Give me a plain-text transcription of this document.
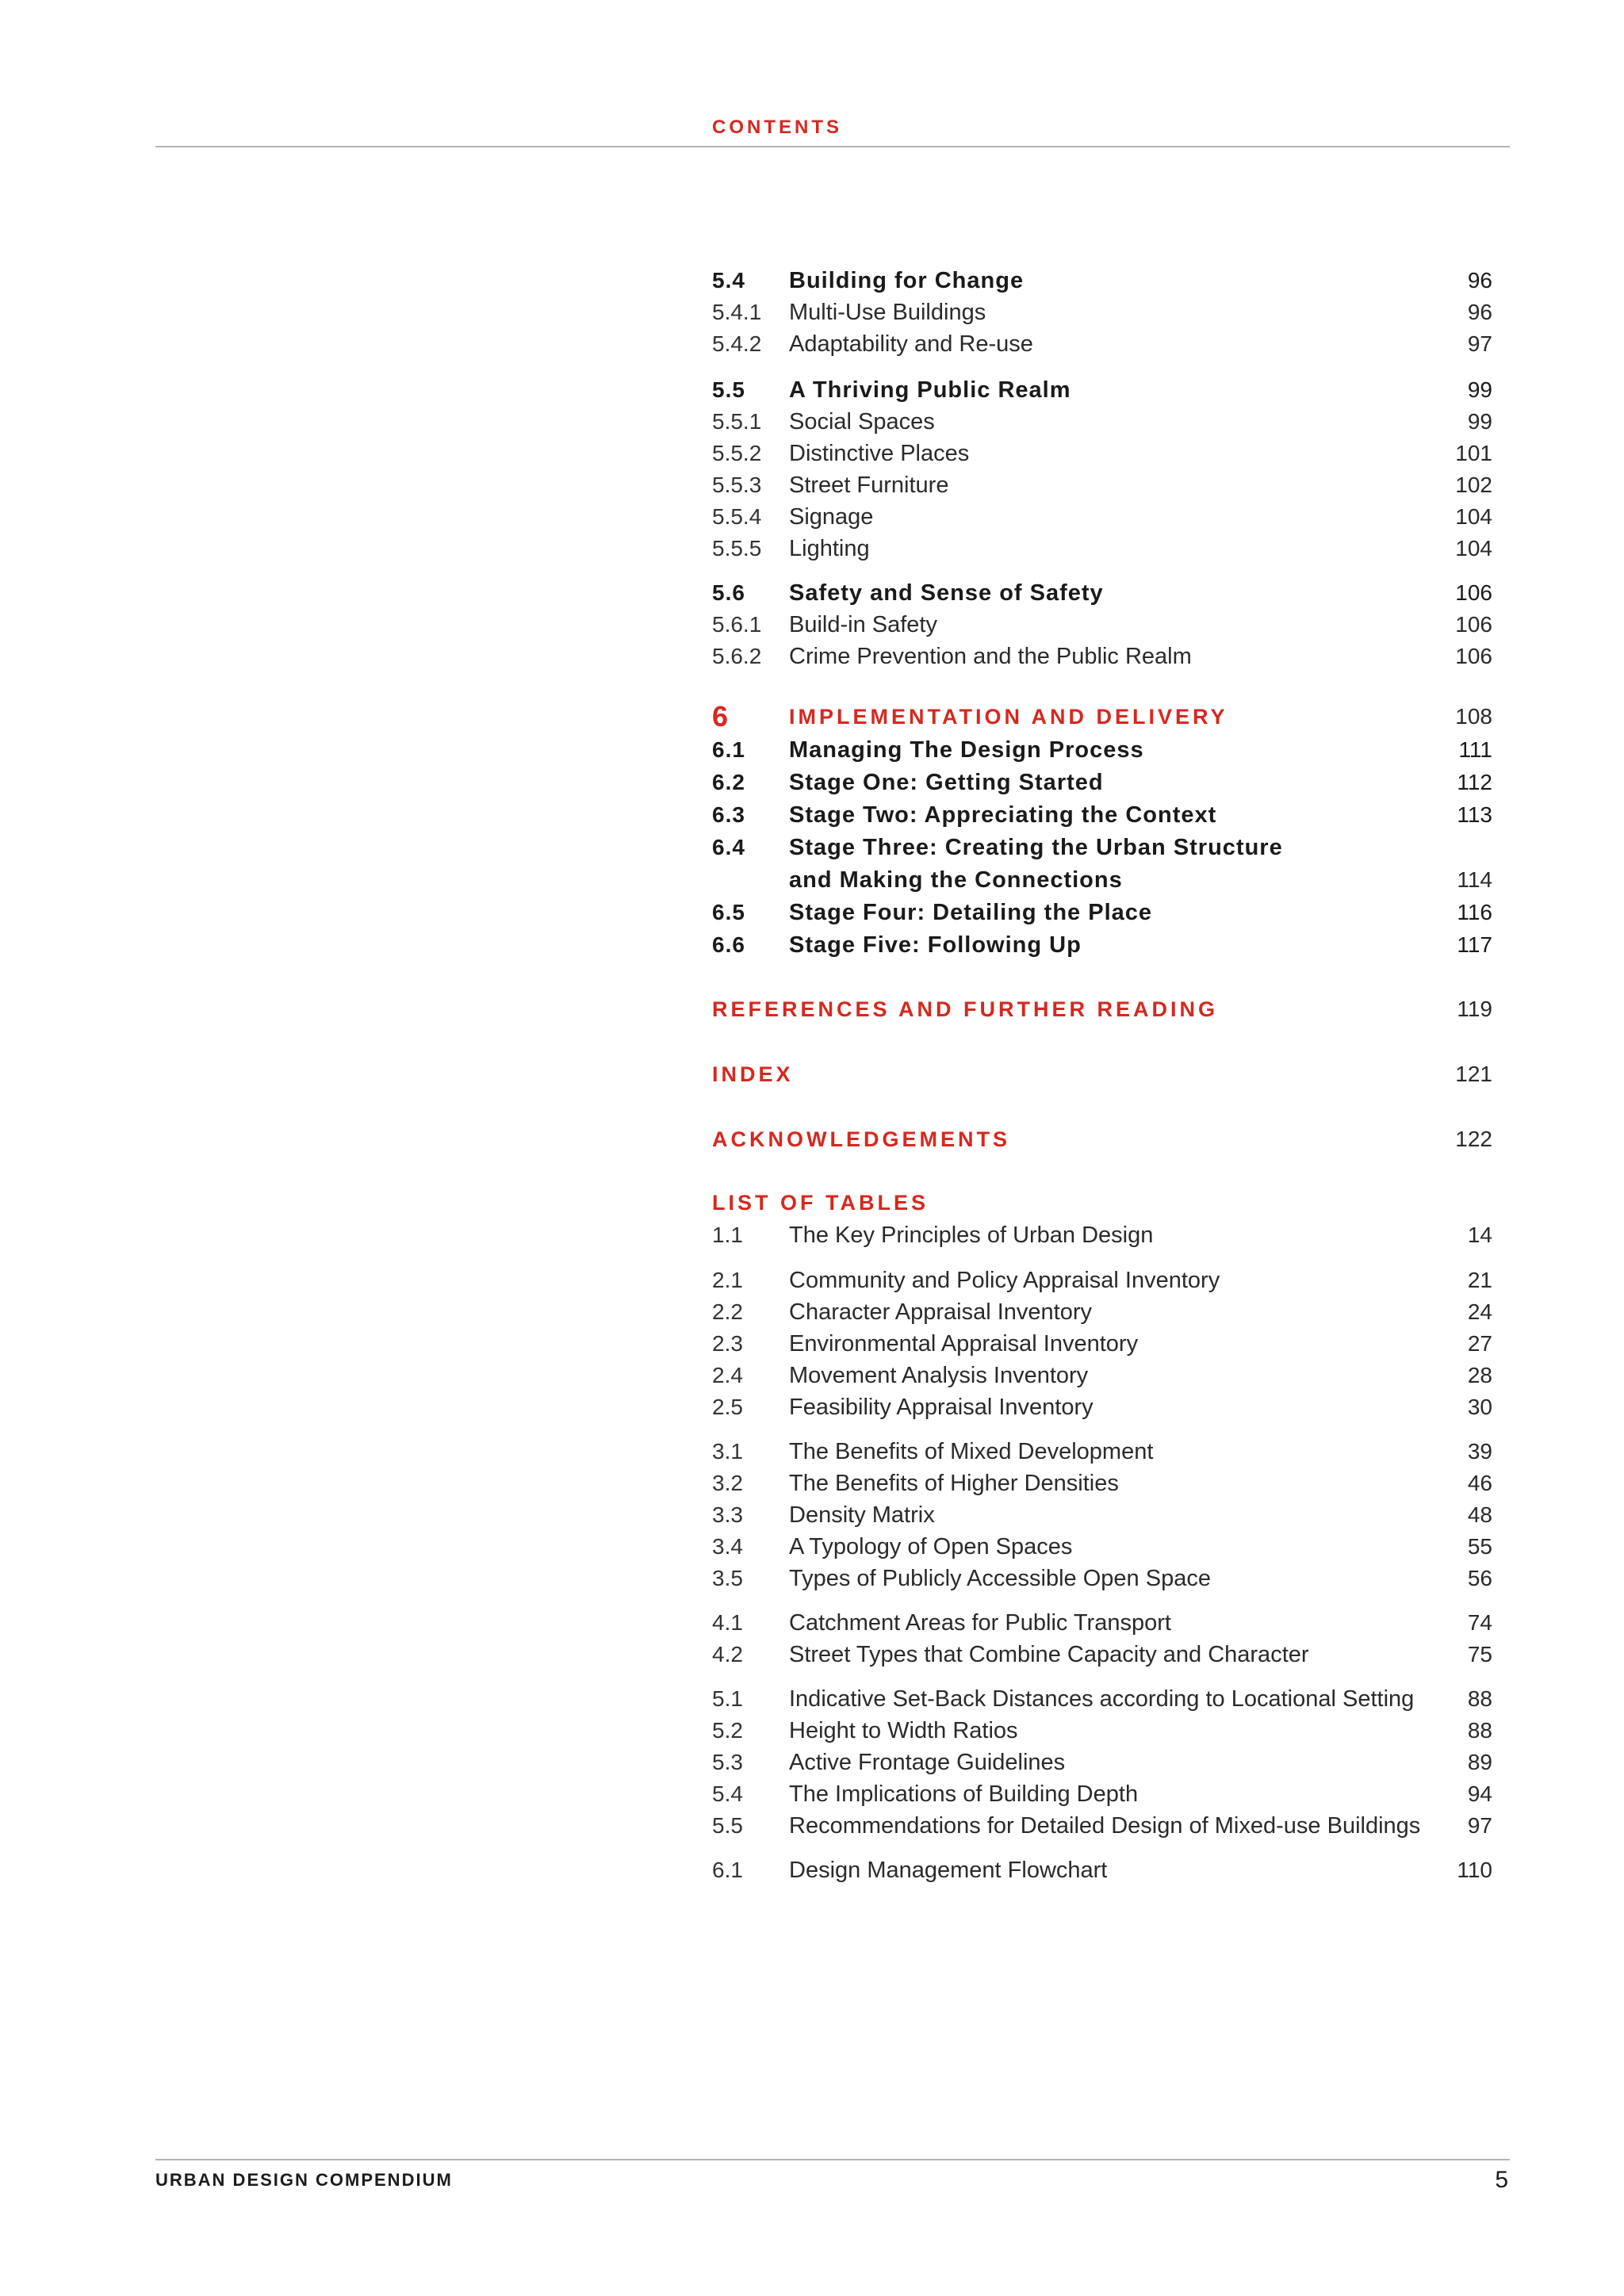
CONTENTS
5.4 Building for Change	96
5.4.1 Multi-Use Buildings	96
5.4.2 Adaptability and Re-use	97
5.5 A Thriving Public Realm	99
5.5.1 Social Spaces	99
5.5.2 Distinctive Places	101
5.5.3 Street Furniture	102
5.5.4 Signage	104
5.5.5 Lighting	104
5.6 Safety and Sense of Safety	106
5.6.1 Build-in Safety	106
5.6.2 Crime Prevention and the Public Realm	106
6	IMPLEMENTATION AND DELIVERY	108
6.1 Managing The Design Process	111
6.2 Stage One: Getting Started	112
6.3 Stage Two: Appreciating the Context	113
6.4 Stage Three: Creating the Urban Structure
and Making the Connections	114
6.5 Stage Four: Detailing the Place	116
6.6 Stage Five: Following Up	117
REFERENCES AND FURTHER READING	119
INDEX	121
ACKNOWLEDGEMENTS	122
LIST OF TABLES
1.1 The Key Principles of Urban Design	14
2.1 Community and Policy Appraisal Inventory	21
2.2 Character Appraisal Inventory	24
2.3 Environmental Appraisal Inventory	27
2.4 Movement Analysis Inventory	28
2.5 Feasibility Appraisal Inventory	30
3.1 The Benefits of Mixed Development	39
3.2 The Benefits of Higher Densities	46
3.3 Density Matrix	48
3.4 A Typology of Open Spaces	55
3.5 Types of Publicly Accessible Open Space	56
4.1 Catchment Areas for Public Transport	74
4.2 Street Types that Combine Capacity and Character	75
5.1 Indicative Set-Back Distances according to Locational Setting 88
5.2 Height to Width Ratios	88
5.3 Active Frontage Guidelines	89
5.4 The Implications of Building Depth	94
5.5 Recommendations for Detailed Design of Mixed-use Buildings 97
6.1 Design Management Flowchart	110
URBAN DESIGN COMPENDIUM	5
